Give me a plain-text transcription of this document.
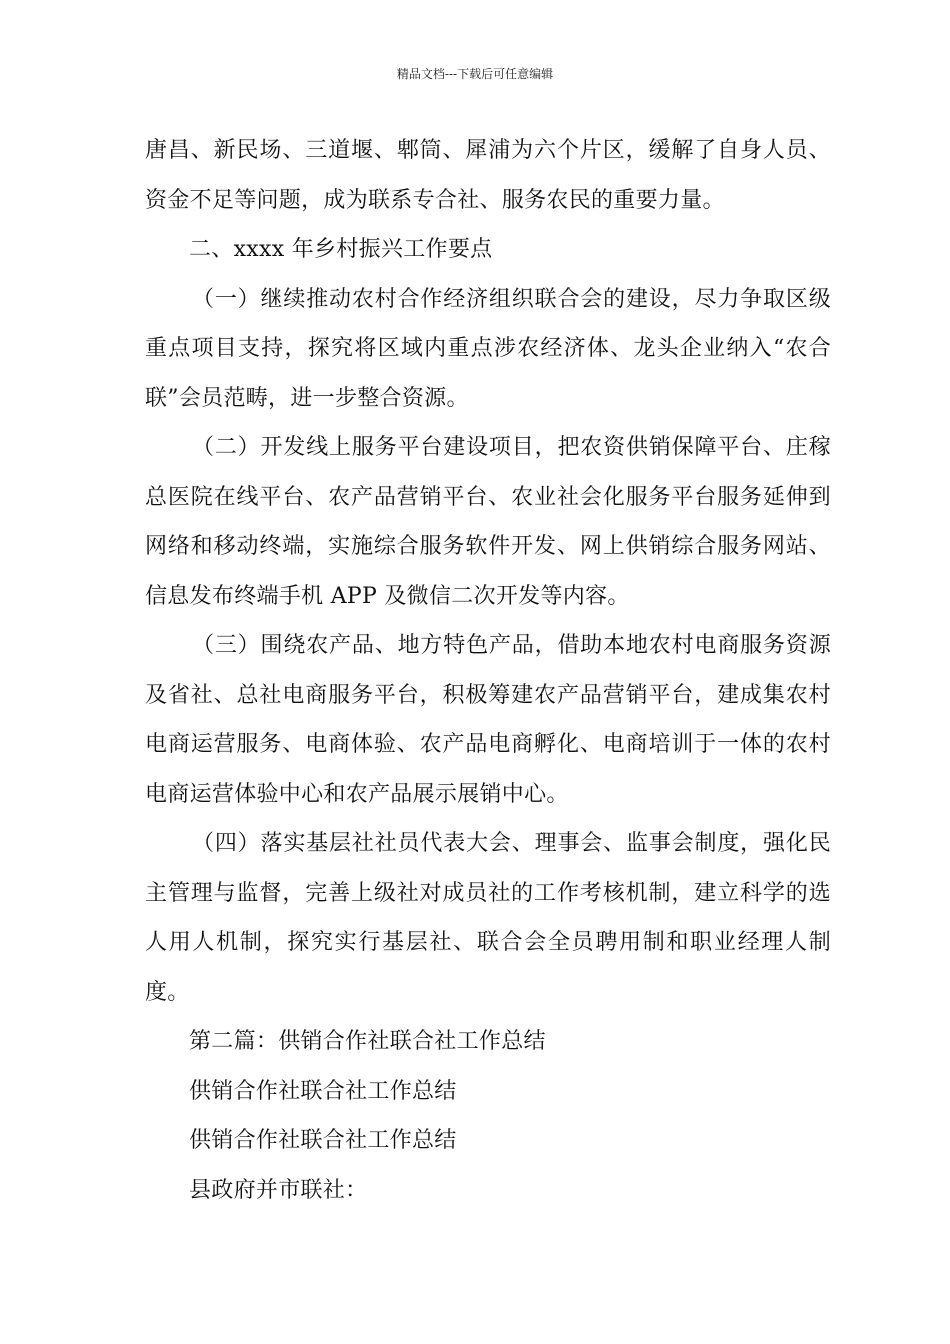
精品文档---下载后可任意编辑

唐昌、新民场、三道堰、郫筒、犀浦为六个片区，缓解了自身人员、资金不足等问题，成为联系专合社、服务农民的重要力量。

二、xxxx 年乡村振兴工作要点

（一）继续推动农村合作经济组织联合会的建设，尽力争取区级重点项目支持，探究将区域内重点涉农经济体、龙头企业纳入“农合联”会员范畴，进一步整合资源。

（二）开发线上服务平台建设项目，把农资供销保障平台、庄稼总医院在线平台、农产品营销平台、农业社会化服务平台服务延伸到网络和移动终端，实施综合服务软件开发、网上供销综合服务网站、信息发布终端手机 APP 及微信二次开发等内容。

（三）围绕农产品、地方特色产品，借助本地农村电商服务资源及省社、总社电商服务平台，积极筹建农产品营销平台，建成集农村电商运营服务、电商体验、农产品电商孵化、电商培训于一体的农村电商运营体验中心和农产品展示展销中心。

（四）落实基层社社员代表大会、理事会、监事会制度，强化民主管理与监督，完善上级社对成员社的工作考核机制，建立科学的选人用人机制，探究实行基层社、联合会全员聘用制和职业经理人制度。

第二篇：供销合作社联合社工作总结

供销合作社联合社工作总结

供销合作社联合社工作总结

县政府并市联社：
